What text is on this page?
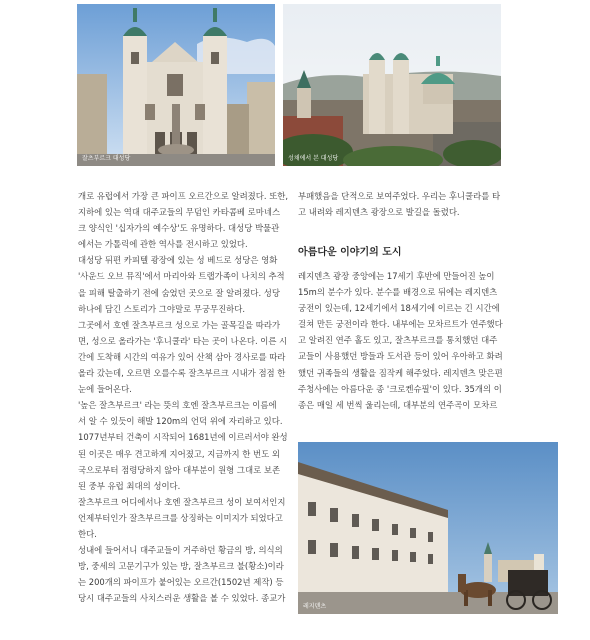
잘츠부르크 대성당	성채에서 본 대성당

개로 유럽에서 가장 큰 파이프 오르간으로 알려졌다. 또한,

지하에 있는 역대 대주교들의 무덤인 카타콤베 로마네스

크 양식인 '십자가의 예수상'도 유명하다. 대성당 박물관

에서는 가톨릭에 관한 역사를 전시하고 있었다.

대성당 뒤편 카피텔 광장에 있는 성 베드로 성당은 영화

'사운드 오브 뮤직'에서 마리아와 트랩가족이 나치의 추적

을 피해 탈출하기 전에 숨었던 곳으로 잘 알려졌다. 성당

하나에 담긴 스토리가 그야말로 무궁무진하다.

그곳에서 호엔 잘츠부르크 성으로 가는 골목길을 따라가

면, 성으로 올라가는 '후니쿨라' 타는 곳이 나온다. 이른 시

간에 도착해 시간의 여유가 있어 산책 삼아 경사로를 따라

올라 갔는데, 오르면 오를수록 잘츠부르크 시내가 점점 한

눈에 들어온다.

'높은 잘츠부르크' 라는 뜻의 호엔 잘츠부르크는 이름에

서 알 수 있듯이 해발 120m의 언덕 위에 자리하고 있다.

1077년부터 건축이 시작되어 1681년에 이르러서야 완성

된 이곳은 매우 견고하게 지어졌고, 지금까지 한 번도 외

국으로부터 점령당하지 않아 대부분이 원형 그대로 보존

된 중부 유럽 최대의 성이다.

잘츠부르크 어디에서나 호엔 잘츠부르크 성이 보여서인지

언제부터인가 잘츠부르크를 상징하는 이미지가 되었다고

한다.

성내에 들어서니 대주교들이 거주하던 황금의 방, 의식의

방, 중세의 고문기구가 있는 방, 잘츠부르크 불(황소)이라

는 200개의 파이프가 붙어있는 오르간(1502년 제작) 등

당시 대주교들의 사치스러운 생활을 볼 수 있었다. 종교가

부패했음을 단적으로 보여주었다. 우리는 후니쿨라를 타

고 내려와 레지덴츠 광장으로 발길을 돌렸다.

아름다운 이야기의 도시

레지덴츠 광장 중앙에는 17세기 후반에 만들어진 높이

15m의 분수가 있다. 분수를 배경으로 뒤에는 레지덴츠

궁전이 있는데, 12세기에서 18세기에 이르는 긴 시간에

걸쳐 만든 궁전이라 한다. 내부에는 모차르트가 연주했다

고 알려진 연주 홀도 있고, 잘츠부르크를 통치했던 대주

교들이 사용했던 방들과 도서관 등이 있어 우아하고 화려

했던 귀족들의 생활을 짐작케 해주었다. 레지덴츠 맞은편

주청사에는 아름다운 종 '크로켄슈필'이 있다. 35개의 이

종은 매일 세 번씩 울리는데, 대부분의 연주곡이 모차르

레지덴츠
